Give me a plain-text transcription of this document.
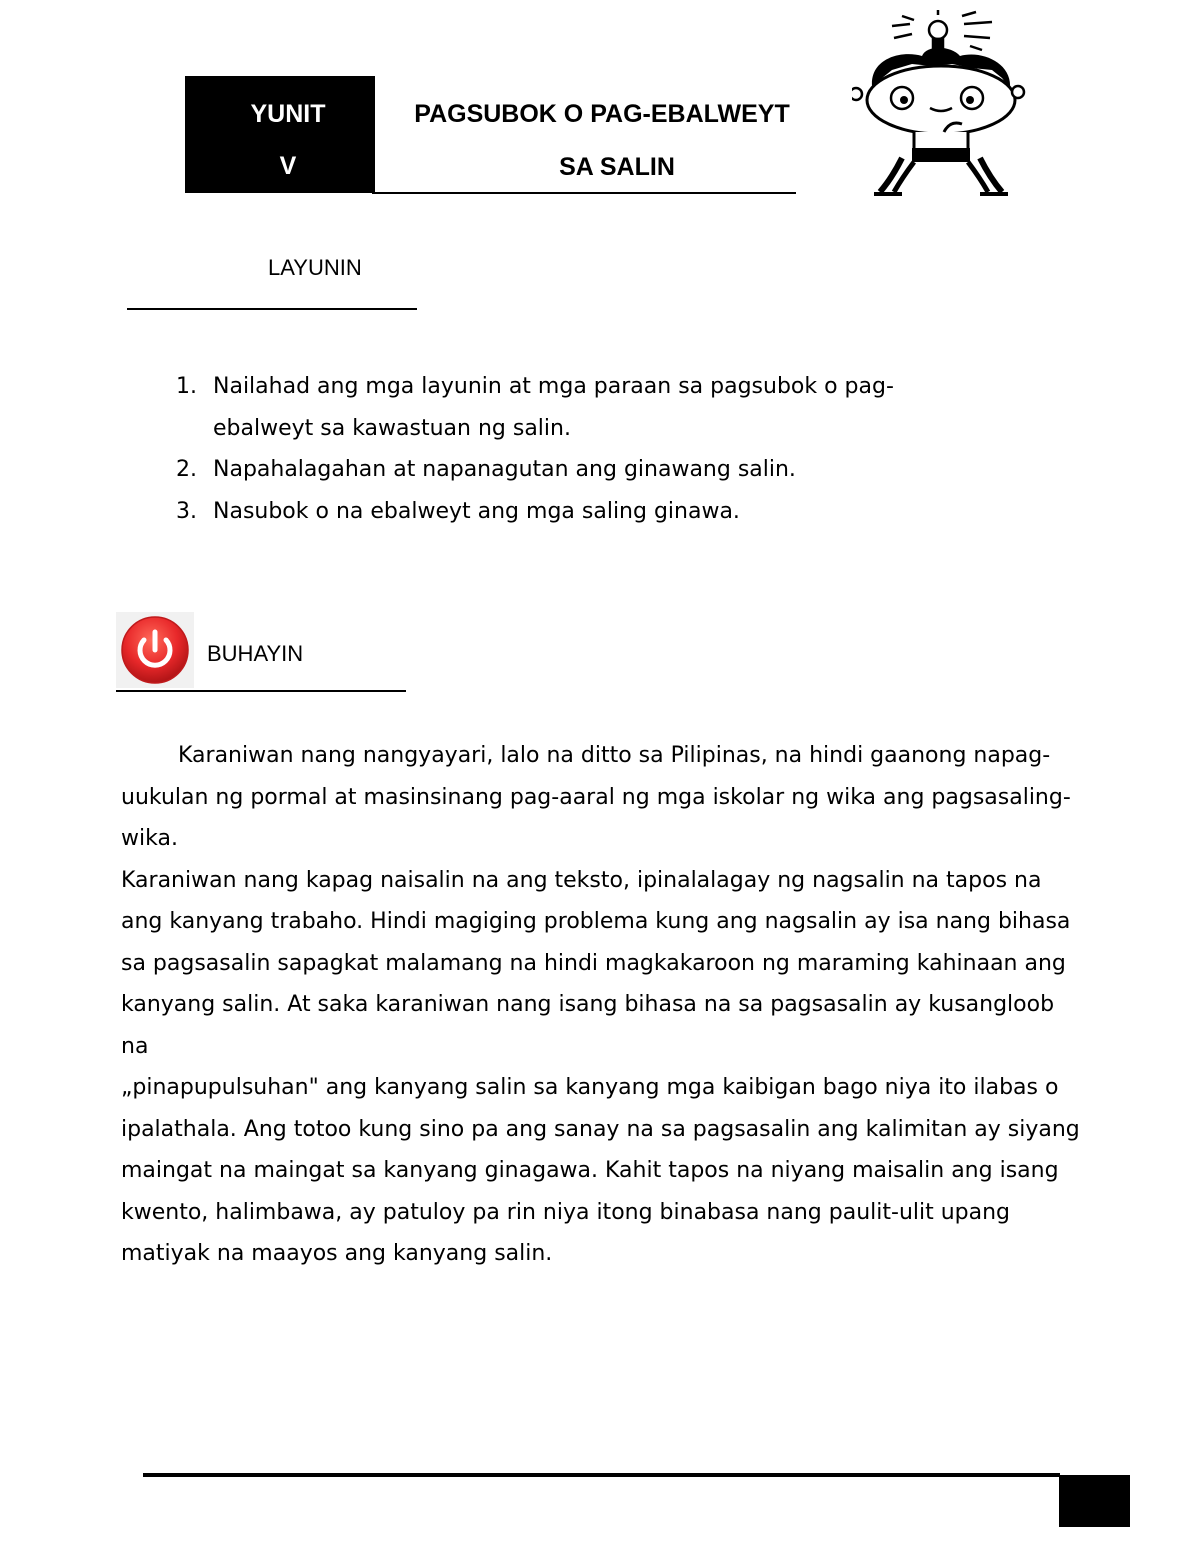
YUNIT
V
PAGSUBOK O PAG-EBALWEYT
SA SALIN
LAYUNIN
1. Nailahad ang mga layunin at mga paraan sa pagsubok o pag-ebalweyt sa kawastuan ng salin.
2. Napahalagahan at napanagutan ang ginawang salin.
3. Nasubok o na ebalweyt ang mga saling ginawa.
BUHAYIN

Karaniwan nang nangyayari, lalo na ditto sa Pilipinas, na hindi gaanong napag-uukulan ng pormal at masinsinang pag-aaral ng mga iskolar ng wika ang pagsasaling-wika.

Karaniwan nang kapag naisalin na ang teksto, ipinalalagay ng nagsalin na tapos na ang kanyang trabaho. Hindi magiging problema kung ang nagsalin ay isa nang bihasa sa pagsasalin sapagkat malamang na hindi magkakaroon ng maraming kahinaan ang kanyang salin. At saka karaniwan nang isang bihasa na sa pagsasalin ay kusangloob na

„pinapupulsuhan" ang kanyang salin sa kanyang mga kaibigan bago niya ito ilabas o ipalathala. Ang totoo kung sino pa ang sanay na sa pagsasalin ang kalimitan ay siyang maingat na maingat sa kanyang ginagawa. Kahit tapos na niyang maisalin ang isang kwento, halimbawa, ay patuloy pa rin niya itong binabasa nang paulit-ulit upang matiyak na maayos ang kanyang salin.
